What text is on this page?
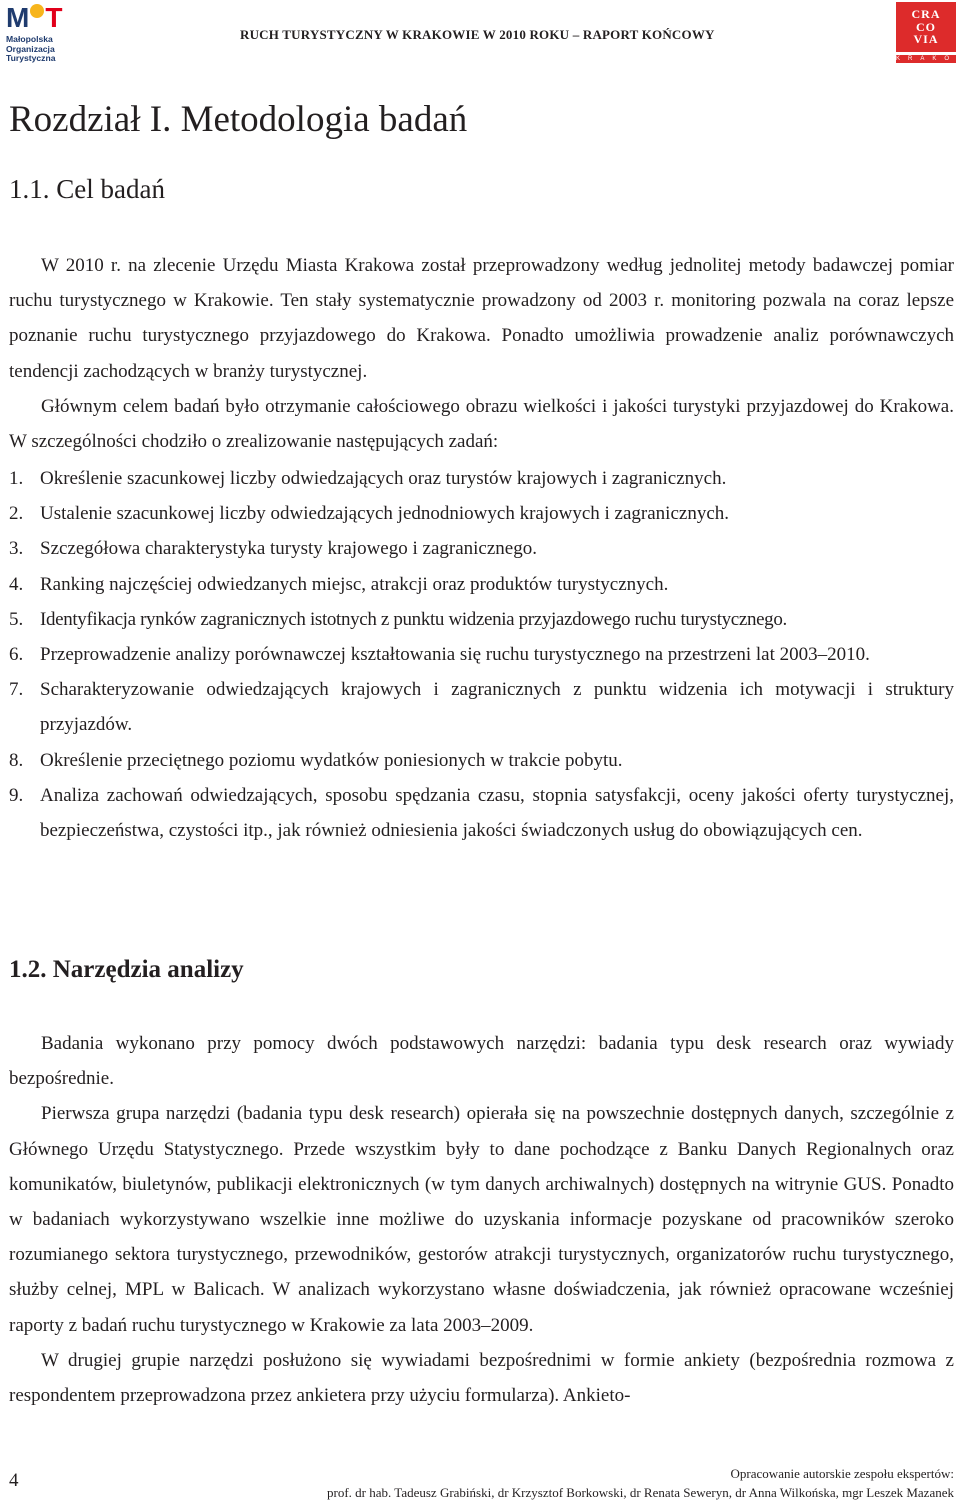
M T
Małopolska
Organizacja
Turystyczna
RUCH TURYSTYCZNY W KRAKOWIE W 2010 ROKU – RAPORT KOŃCOWY
CRA
CO
VIA
KRAKÓW
Rozdział I. Metodologia badań
1.1. Cel badań

W 2010 r. na zlecenie Urzędu Miasta Krakowa został przeprowadzony według jednolitej metody badawczej pomiar ruchu turystycznego w Krakowie. Ten stały systematycznie prowadzony od 2003 r. monitoring pozwala na coraz lepsze poznanie ruchu turystycznego przyjazdowego do Krakowa. Ponadto umożliwia prowadzenie analiz porównawczych tendencji zachodzących w branży turystycznej.

Głównym celem badań było otrzymanie całościowego obrazu wielkości i jakości turystyki przyjazdowej do Krakowa. W szczególności chodziło o zrealizowanie następujących zadań:

1. Określenie szacunkowej liczby odwiedzających oraz turystów krajowych i zagranicznych.
2. Ustalenie szacunkowej liczby odwiedzających jednodniowych krajowych i zagranicznych.
3. Szczegółowa charakterystyka turysty krajowego i zagranicznego.
4. Ranking najczęściej odwiedzanych miejsc, atrakcji oraz produktów turystycznych.
5. Identyfikacja rynków zagranicznych istotnych z punktu widzenia przyjazdowego ruchu turystycznego.
6. Przeprowadzenie analizy porównawczej kształtowania się ruchu turystycznego na przestrzeni lat 2003–2010.
7. Scharakteryzowanie odwiedzających krajowych i zagranicznych z punktu widzenia ich motywacji i struktury przyjazdów.
8. Określenie przeciętnego poziomu wydatków poniesionych w trakcie pobytu.
9. Analiza zachowań odwiedzających, sposobu spędzania czasu, stopnia satysfakcji, oceny jakości oferty turystycznej, bezpieczeństwa, czystości itp., jak również odniesienia jakości świadczonych usług do obowiązujących cen.
1.2. Narzędzia analizy

Badania wykonano przy pomocy dwóch podstawowych narzędzi: badania typu desk research oraz wywiady bezpośrednie.

Pierwsza grupa narzędzi (badania typu desk research) opierała się na powszechnie dostępnych danych, szczególnie z Głównego Urzędu Statystycznego. Przede wszystkim były to dane pochodzące z Banku Danych Regionalnych oraz komunikatów, biuletynów, publikacji elektronicznych (w tym danych archiwalnych) dostępnych na witrynie GUS. Ponadto w badaniach wykorzystywano wszelkie inne możliwe do uzyskania informacje pozyskane od pracowników szeroko rozumianego sektora turystycznego, przewodników, gestorów atrakcji turystycznych, organizatorów ruchu turystycznego, służby celnej, MPL w Balicach. W analizach wykorzystano własne doświadczenia, jak również opracowane wcześniej raporty z badań ruchu turystycznego w Krakowie za lata 2003–2009.

W drugiej grupie narzędzi posłużono się wywiadami bezpośrednimi w formie ankiety (bezpośrednia rozmowa z respondentem przeprowadzona przez ankietera przy użyciu formularza). Ankieto-

4	Opracowanie autorskie zespołu ekspertów:
prof. dr hab. Tadeusz Grabiński, dr Krzysztof Borkowski, dr Renata Seweryn, dr Anna Wilkońska, mgr Leszek Mazanek
